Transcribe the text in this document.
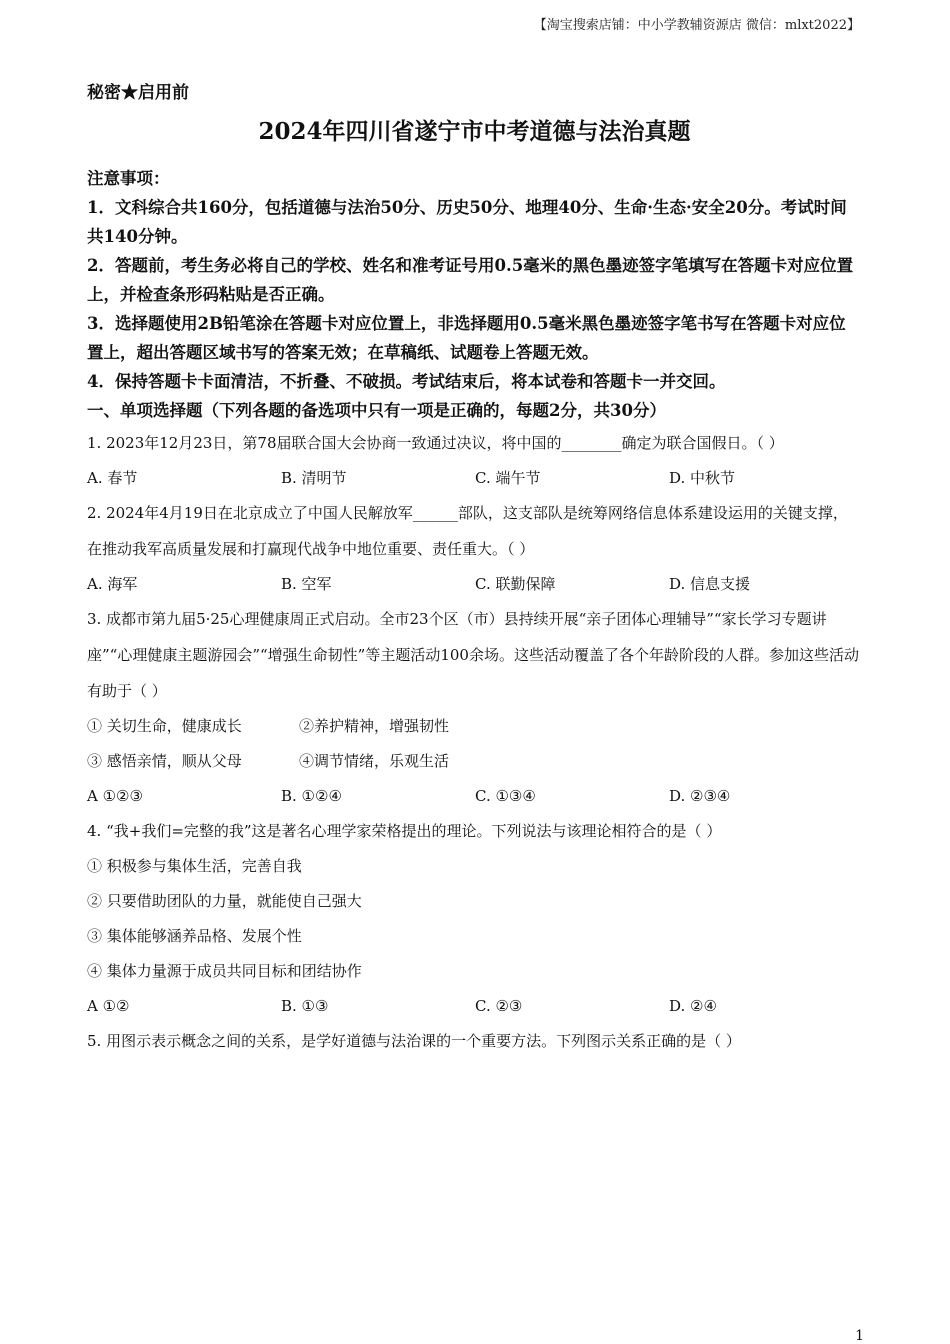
【淘宝搜索店铺：中小学教辅资源店 微信：mlxt2022】
秘密★启用前
2024年四川省遂宁市中考道德与法治真题
注意事项：
1．文科综合共160分，包括道德与法治50分、历史50分、地理40分、生命·生态·安全20分。考试时间共140分钟。
2．答题前，考生务必将自己的学校、姓名和准考证号用0.5毫米的黑色墨迹签字笔填写在答题卡对应位置上，并检查条形码粘贴是否正确。
3．选择题使用2B铅笔涂在答题卡对应位置上，非选择题用0.5毫米黑色墨迹签字笔书写在答题卡对应位置上，超出答题区域书写的答案无效；在草稿纸、试题卷上答题无效。
4．保持答题卡卡面清洁，不折叠、不破损。考试结束后，将本试卷和答题卡一并交回。
一、单项选择题（下列各题的备选项中只有一项是正确的，每题2分，共30分）
1. 2023年12月23日，第78届联合国大会协商一致通过决议，将中国的________确定为联合国假日。（ ）
A. 春节	B. 清明节	C. 端午节	D. 中秋节
2. 2024年4月19日在北京成立了中国人民解放军______部队，这支部队是统筹网络信息体系建设运用的关键支撑，在推动我军高质量发展和打赢现代战争中地位重要、责任重大。（ ）
A. 海军	B. 空军	C. 联勤保障	D. 信息支援
3. 成都市第九届5·25心理健康周正式启动。全市23个区（市）县持续开展“亲子团体心理辅导”“家长学习专题讲座”“心理健康主题游园会”“增强生命韧性”等主题活动100余场。这些活动覆盖了各个年龄阶段的人群。参加这些活动有助于（ ）
① 关切生命，健康成长	②养护精神，增强韧性
③ 感悟亲情，顺从父母	④调节情绪，乐观生活
A ①②③	B. ①②④	C. ①③④	D. ②③④
4. “我+我们=完整的我”这是著名心理学家荣格提出的理论。下列说法与该理论相符合的是（ ）
① 积极参与集体生活，完善自我
② 只要借助团队的力量，就能使自己强大
③ 集体能够涵养品格、发展个性
④ 集体力量源于成员共同目标和团结协作
A ①②	B. ①③	C. ②③	D. ②④
5. 用图示表示概念之间的关系，是学好道德与法治课的一个重要方法。下列图示关系正确的是（ ）
1
